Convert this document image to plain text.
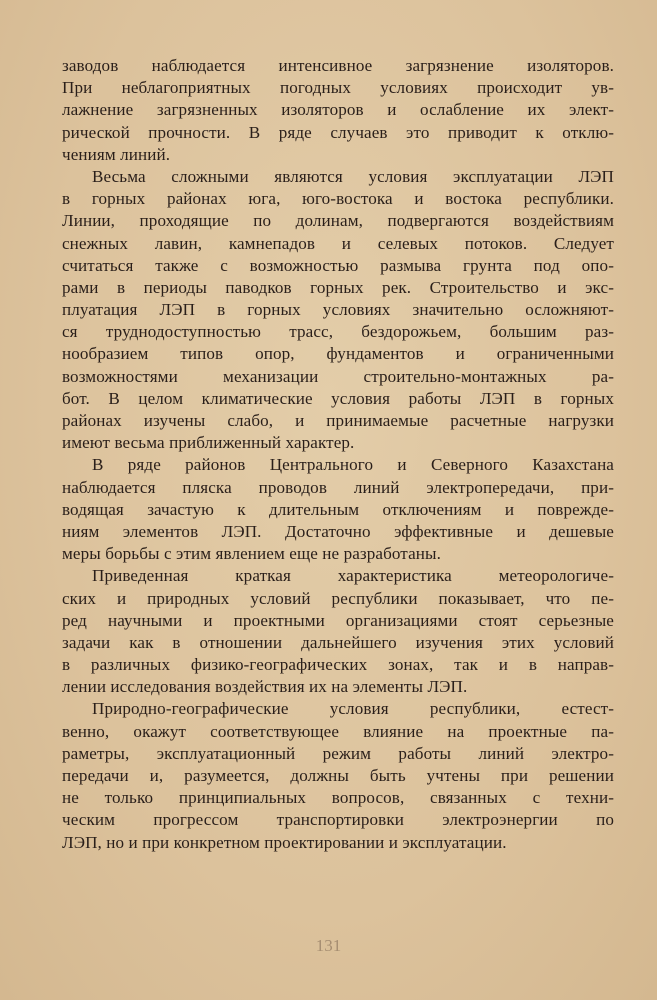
заводов наблюдается интенсивное загрязнение изоляторов.
При неблагоприятных погодных условиях происходит ув-
лажнение загрязненных изоляторов и ослабление их элект-
рической прочности. В ряде случаев это приводит к отклю-
чениям линий.
Весьма сложными являются условия эксплуатации ЛЭП
в горных районах юга, юго-востока и востока республики.
Линии, проходящие по долинам, подвергаются воздействиям
снежных лавин, камнепадов и селевых потоков. Следует
считаться также с возможностью размыва грунта под опо-
рами в периоды паводков горных рек. Строительство и экс-
плуатация ЛЭП в горных условиях значительно осложняют-
ся труднодоступностью трасс, бездорожьем, большим раз-
нообразием типов опор, фундаментов и ограниченными
возможностями механизации строительно-монтажных ра-
бот. В целом климатические условия работы ЛЭП в горных
районах изучены слабо, и принимаемые расчетные нагрузки
имеют весьма приближенный характер.
В ряде районов Центрального и Северного Казахстана
наблюдается пляска проводов линий электропередачи, при-
водящая зачастую к длительным отключениям и поврежде-
ниям элементов ЛЭП. Достаточно эффективные и дешевые
меры борьбы с этим явлением еще не разработаны.
Приведенная краткая характеристика метеорологиче-
ских и природных условий республики показывает, что пе-
ред научными и проектными организациями стоят серьезные
задачи как в отношении дальнейшего изучения этих условий
в различных физико-географических зонах, так и в направ-
лении исследования воздействия их на элементы ЛЭП.
Природно-географические условия республики, естест-
венно, окажут соответствующее влияние на проектные па-
раметры, эксплуатационный режим работы линий электро-
передачи и, разумеется, должны быть учтены при решении
не только принципиальных вопросов, связанных с техни-
ческим прогрессом транспортировки электроэнергии по
ЛЭП, но и при конкретном проектировании и эксплуатации.
131
